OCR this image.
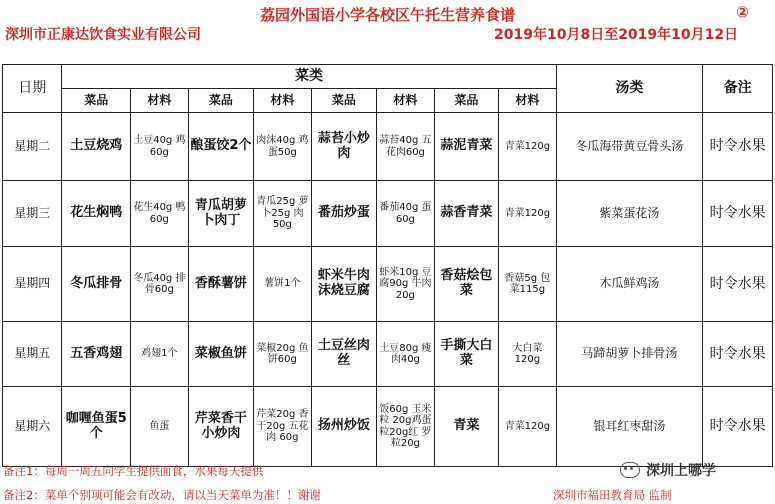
荔园外国语小学各校区午托生营养食谱	②
深圳市正康达饮食实业有限公司	2019年10月8日至2019年10月12日
日期	菜类								汤类	备注
	菜品	材料	菜品	材料	菜品	材料	菜品	材料		
星期二	土豆烧鸡	土豆40g 鸡60g	酿蛋饺2个	肉沫40g 鸡蛋50g	蒜苔小炒肉	蒜苔40g 五花肉60g	蒜泥青菜	青菜120g	冬瓜海带黄豆骨头汤	时令水果
星期三	花生焖鸭	花生40g 鸭60g	青瓜胡萝卜肉丁	青瓜25g 萝卜25g 肉50g	番茄炒蛋	番茄40g 蛋60g	蒜香青菜	青菜120g	紫菜蛋花汤	时令水果
星期四	冬瓜排骨	冬瓜40g 排骨60g	香酥薯饼	薯饼1个	虾米牛肉沫烧豆腐	虾米10g 豆腐90g 牛肉20g	香菇烩包菜	香菇5g 包菜115g	木瓜鲜鸡汤	时令水果
星期五	五香鸡翅	鸡翅1个	菜椒鱼饼	菜椒20g 鱼饼60g	土豆丝肉丝	土豆80g 瘦肉40g	手撕大白菜	大白菜 120g	马蹄胡萝卜排骨汤	时令水果
星期六	咖喱鱼蛋5个	鱼蛋	芹菜香干小炒肉	芹菜20g 香干20g 五花肉 60g	扬州炒饭	饭60g 玉米粒 20g鸡蛋 粒20g红 罗粒20g	青菜	青菜120g	银耳红枣甜汤	时令水果
备注1：每周一周五向学生提供面食，水果每天提供
备注2：菜单个别项可能会有改动，请以当天菜单为准！！谢谢	深圳市福田教育局 监制
深圳上哪学
